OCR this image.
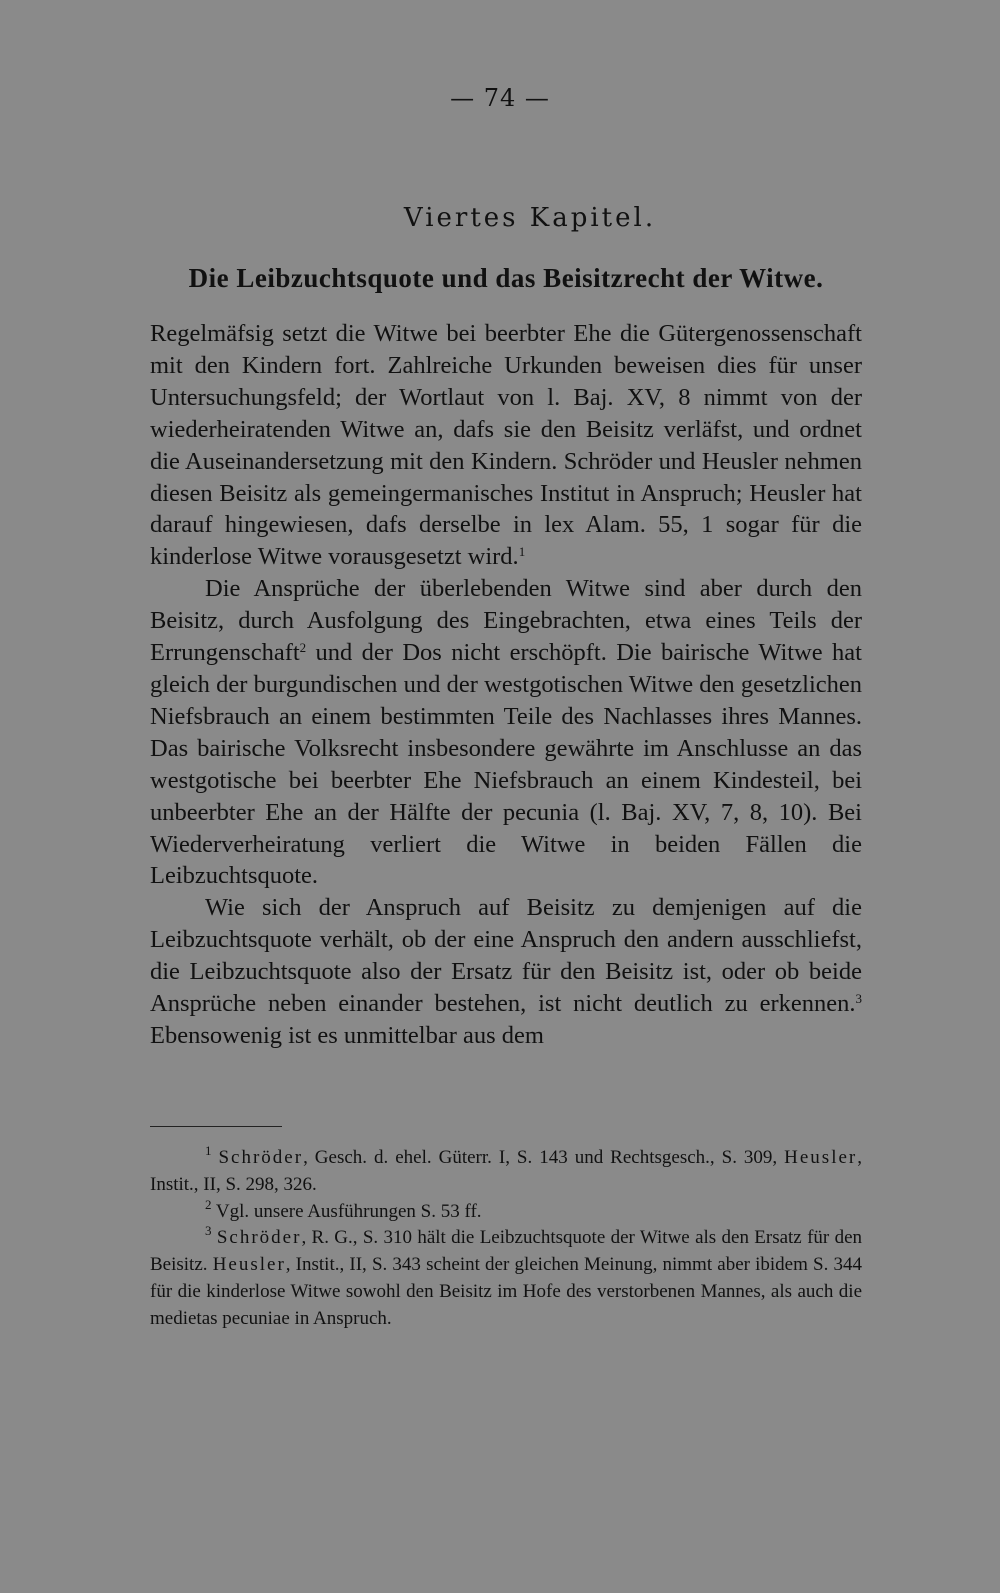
— 74 —
Viertes Kapitel.
Die Leibzuchtsquote und das Beisitzrecht der Witwe.

Regelmäfsig setzt die Witwe bei beerbter Ehe die Gütergenossenschaft mit den Kindern fort. Zahlreiche Urkunden beweisen dies für unser Untersuchungsfeld; der Wortlaut von l. Baj. XV, 8 nimmt von der wiederheiratenden Witwe an, dafs sie den Beisitz verläfst, und ordnet die Auseinandersetzung mit den Kindern. Schröder und Heusler nehmen diesen Beisitz als gemeingermanisches Institut in Anspruch; Heusler hat darauf hingewiesen, dafs derselbe in lex Alam. 55, 1 sogar für die kinderlose Witwe vorausgesetzt wird.$^1$

Die Ansprüche der überlebenden Witwe sind aber durch den Beisitz, durch Ausfolgung des Eingebrachten, etwa eines Teils der Errungenschaft$^2$ und der Dos nicht erschöpft. Die bairische Witwe hat gleich der burgundischen und der westgotischen Witwe den gesetzlichen Niefsbrauch an einem bestimmten Teile des Nachlasses ihres Mannes. Das bairische Volksrecht insbesondere gewährte im Anschlusse an das westgotische bei beerbter Ehe Niefsbrauch an einem Kindesteil, bei unbeerbter Ehe an der Hälfte der pecunia (l. Baj. XV, 7, 8, 10). Bei Wiederverheiratung verliert die Witwe in beiden Fällen die Leibzuchtsquote.

Wie sich der Anspruch auf Beisitz zu demjenigen auf die Leibzuchtsquote verhält, ob der eine Anspruch den andern ausschliefst, die Leibzuchtsquote also der Ersatz für den Beisitz ist, oder ob beide Ansprüche neben einander bestehen, ist nicht deutlich zu erkennen.$^3$ Ebensowenig ist es unmittelbar aus dem

$^1$ Schröder, Gesch. d. ehel. Güterr. I, S. 143 und Rechtsgesch., S. 309, Heusler, Instit., II, S. 298, 326.

$^2$ Vgl. unsere Ausführungen S. 53 ff.

$^3$ Schröder, R. G., S. 310 hält die Leibzuchtsquote der Witwe als den Ersatz für den Beisitz. Heusler, Instit., II, S. 343 scheint der gleichen Meinung, nimmt aber ibidem S. 344 für die kinderlose Witwe sowohl den Beisitz im Hofe des verstorbenen Mannes, als auch die medietas pecuniae in Anspruch.
